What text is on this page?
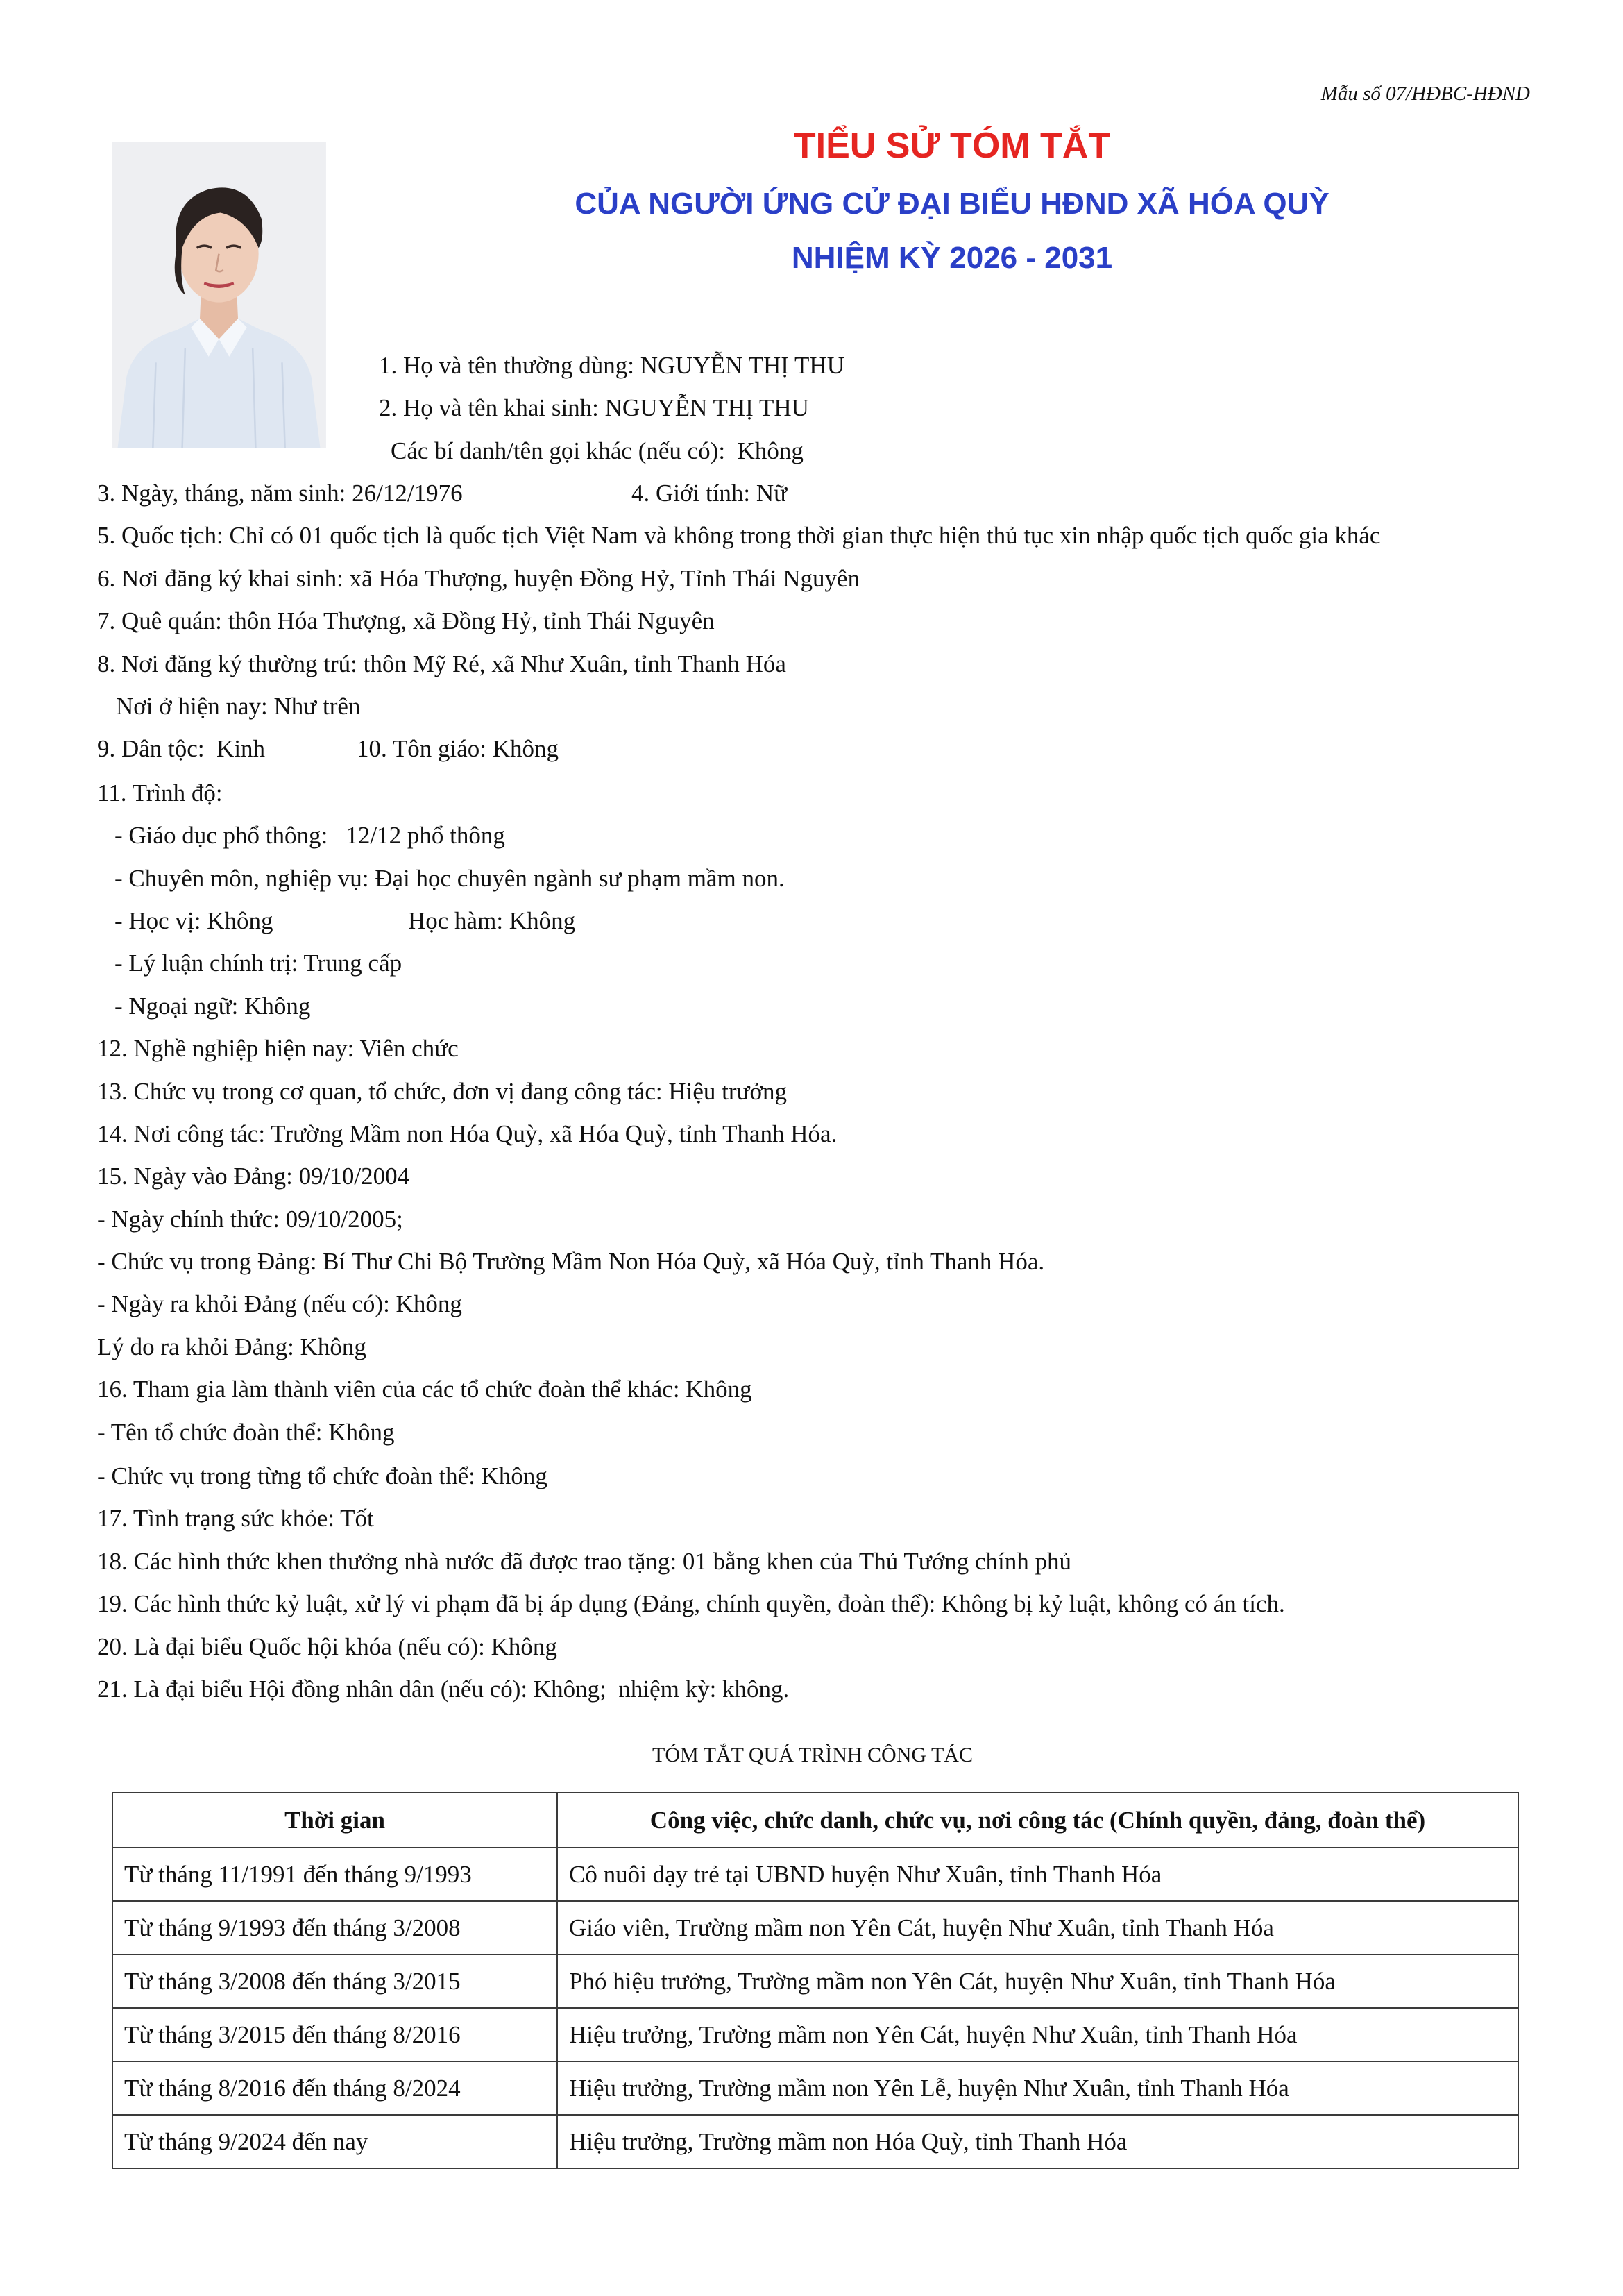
Mẫu số 07/HĐBC-HĐND
TIỂU SỬ TÓM TẮT
CỦA NGƯỜI ỨNG CỬ ĐẠI BIỂU HĐND XÃ HÓA QUỲ
NHIỆM KỲ 2026 - 2031
1. Họ và tên thường dùng: NGUYỄN THỊ THU
2. Họ và tên khai sinh: NGUYỄN THỊ THU
Các bí danh/tên gọi khác (nếu có):  Không
3. Ngày, tháng, năm sinh: 26/12/1976	4. Giới tính: Nữ
5. Quốc tịch: Chỉ có 01 quốc tịch là quốc tịch Việt Nam và không trong thời gian thực hiện thủ tục xin nhập quốc tịch quốc gia khác
6. Nơi đăng ký khai sinh: xã Hóa Thượng, huyện Đồng Hỷ, Tỉnh Thái Nguyên
7. Quê quán: thôn Hóa Thượng, xã Đồng Hỷ, tỉnh Thái Nguyên
8. Nơi đăng ký thường trú: thôn Mỹ Ré, xã Như Xuân, tỉnh Thanh Hóa
Nơi ở hiện nay: Như trên
9. Dân tộc:  Kinh	10. Tôn giáo: Không
11. Trình độ:
- Giáo dục phổ thông:   12/12 phổ thông
- Chuyên môn, nghiệp vụ: Đại học chuyên ngành sư phạm mầm non.
- Học vị: Không	Học hàm: Không
- Lý luận chính trị: Trung cấp
- Ngoại ngữ: Không
12. Nghề nghiệp hiện nay: Viên chức
13. Chức vụ trong cơ quan, tổ chức, đơn vị đang công tác: Hiệu trưởng
14. Nơi công tác: Trường Mầm non Hóa Quỳ, xã Hóa Quỳ, tỉnh Thanh Hóa.
15. Ngày vào Đảng: 09/10/2004
- Ngày chính thức: 09/10/2005;
- Chức vụ trong Đảng: Bí Thư Chi Bộ Trường Mầm Non Hóa Quỳ, xã Hóa Quỳ, tỉnh Thanh Hóa.
- Ngày ra khỏi Đảng (nếu có): Không
Lý do ra khỏi Đảng: Không
16. Tham gia làm thành viên của các tổ chức đoàn thể khác: Không
- Tên tổ chức đoàn thể: Không
- Chức vụ trong từng tổ chức đoàn thể: Không
17. Tình trạng sức khỏe: Tốt
18. Các hình thức khen thưởng nhà nước đã được trao tặng: 01 bằng khen của Thủ Tướng chính phủ
19. Các hình thức kỷ luật, xử lý vi phạm đã bị áp dụng (Đảng, chính quyền, đoàn thể): Không bị kỷ luật, không có án tích.
20. Là đại biểu Quốc hội khóa (nếu có): Không
21. Là đại biểu Hội đồng nhân dân (nếu có): Không;  nhiệm kỳ: không.
TÓM TẮT QUÁ TRÌNH CÔNG TÁC
Thời gian	Công việc, chức danh, chức vụ, nơi công tác (Chính quyền, đảng, đoàn thể)
Từ tháng 11/1991 đến tháng 9/1993	Cô nuôi dạy trẻ tại UBND huyện Như Xuân, tỉnh Thanh Hóa
Từ tháng 9/1993 đến tháng 3/2008	Giáo viên, Trường mầm non Yên Cát, huyện Như Xuân, tỉnh Thanh Hóa
Từ tháng 3/2008 đến tháng 3/2015	Phó hiệu trưởng, Trường mầm non Yên Cát, huyện Như Xuân, tỉnh Thanh Hóa
Từ tháng 3/2015 đến tháng 8/2016	Hiệu trưởng, Trường mầm non Yên Cát, huyện Như Xuân, tỉnh Thanh Hóa
Từ tháng 8/2016 đến tháng 8/2024	Hiệu trưởng, Trường mầm non Yên Lễ, huyện Như Xuân, tỉnh Thanh Hóa
Từ tháng 9/2024 đến nay	Hiệu trưởng, Trường mầm non Hóa Quỳ, tỉnh Thanh Hóa
